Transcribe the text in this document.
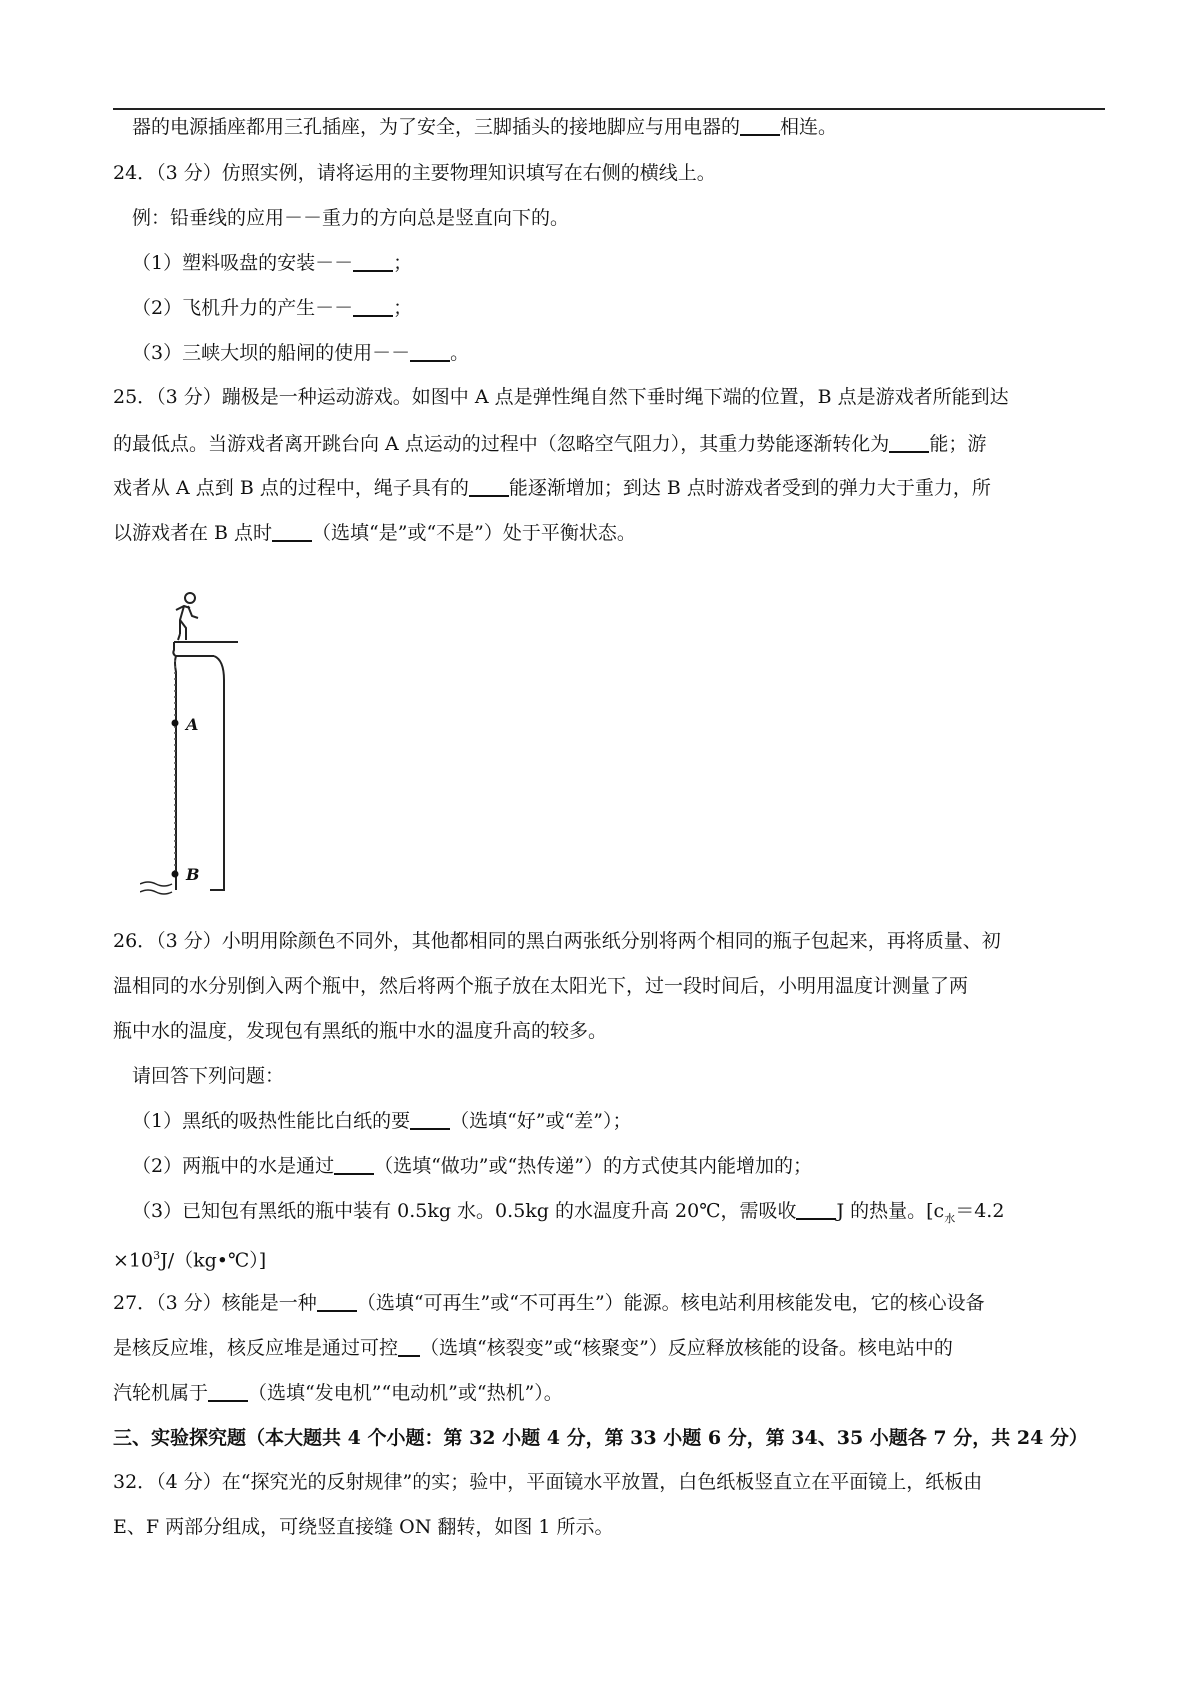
器的电源插座都用三孔插座，为了安全，三脚插头的接地脚应与用电器的 相连。
24．（3 分）仿照实例，请将运用的主要物理知识填写在右侧的横线上。
例：铅垂线的应用－－重力的方向总是竖直向下的。
（1）塑料吸盘的安装－－ ；
（2）飞机升力的产生－－ ；
（3）三峡大坝的船闸的使用－－ 。
25．（3 分）蹦极是一种运动游戏。如图中 A 点是弹性绳自然下垂时绳下端的位置，B 点是游戏者所能到达
的最低点。当游戏者离开跳台向 A 点运动的过程中（忽略空气阻力），其重力势能逐渐转化为 能；游
戏者从 A 点到 B 点的过程中，绳子具有的 能逐渐增加；到达 B 点时游戏者受到的弹力大于重力，所
以游戏者在 B 点时 （选填“是”或“不是”）处于平衡状态。
A
B
26．（3 分）小明用除颜色不同外，其他都相同的黑白两张纸分别将两个相同的瓶子包起来，再将质量、初
温相同的水分别倒入两个瓶中，然后将两个瓶子放在太阳光下，过一段时间后，小明用温度计测量了两
瓶中水的温度，发现包有黑纸的瓶中水的温度升高的较多。
请回答下列问题：
（1）黑纸的吸热性能比白纸的要 （选填“好”或“差”）；
（2）两瓶中的水是通过 （选填“做功”或“热传递”）的方式使其内能增加的；
（3）已知包有黑纸的瓶中装有 0.5kg 水。0.5kg 的水温度升高 20℃，需吸收 J 的热量。[$c_水=4.2$
$\times 10^3J/(kg•℃)$]
27．（3 分）核能是一种 （选填“可再生”或“不可再生”）能源。核电站利用核能发电，它的核心设备
是核反应堆，核反应堆是通过可控 （选填“核裂变”或“核聚变”）反应释放核能的设备。核电站中的
汽轮机属于 （选填“发电机”“电动机”或“热机”）。
三、实验探究题（本大题共 4 个小题：第 32 小题 4 分，第 33 小题 6 分，第 34、35 小题各 7 分，共 24 分）
32．（4 分）在“探究光的反射规律”的实；验中，平面镜水平放置，白色纸板竖直立在平面镜上，纸板由
E、F 两部分组成，可绕竖直接缝 ON 翻转，如图 1 所示。
